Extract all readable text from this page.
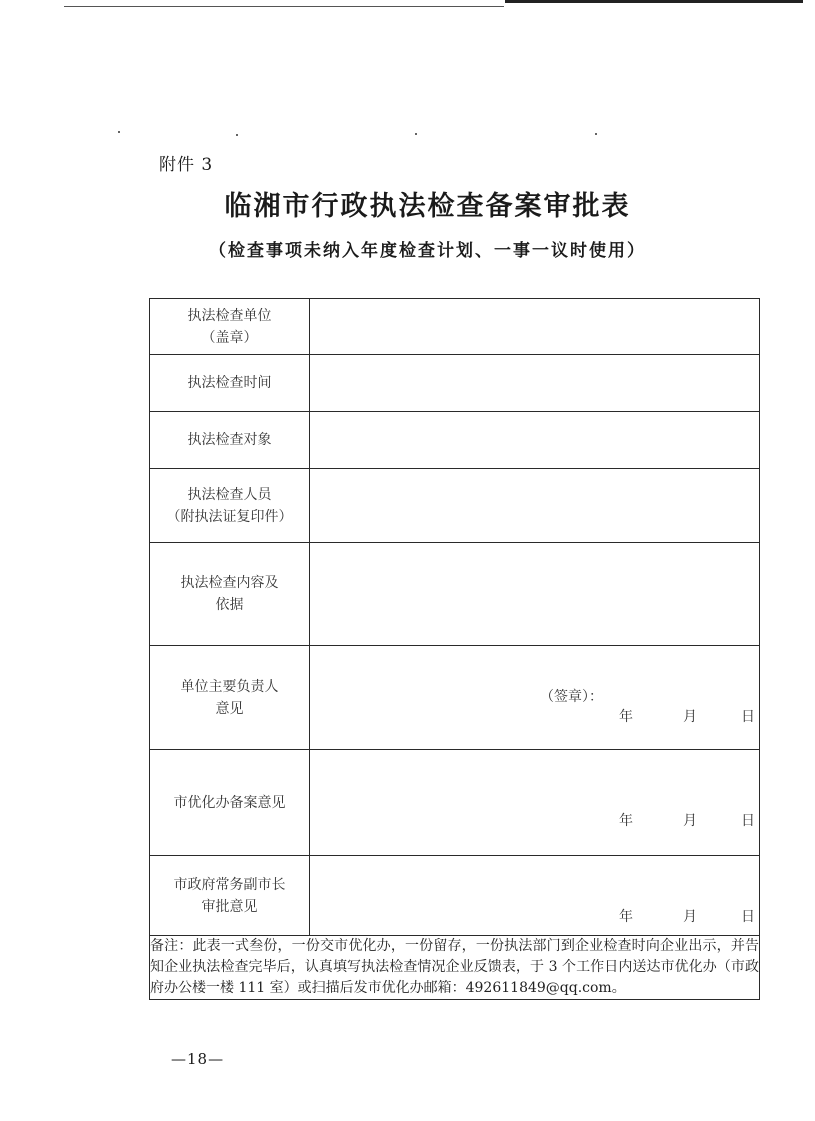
附件 3
临湘市行政执法检查备案审批表
（检查事项未纳入年度检查计划、一事一议时使用）
执法检查单位
（盖章）	

执法检查时间	

执法检查对象	

执法检查人员
（附执法证复印件）	

执法检查内容及
依据	

单位主要负责人
意见	（签章）：
年 月 日

市优化办备案意见	年 月 日

市政府常务副市长
审批意见	年 月 日

备注：此表一式叁份，一份交市优化办，一份留存，一份执法部门到企业检查时向企业出示，并告知企业执法检查完毕后，认真填写执法检查情况企业反馈表，于 3 个工作日内送达市优化办（市政府办公楼一楼 111 室）或扫描后发市优化办邮箱：492611849@qq.com。	
—18—
